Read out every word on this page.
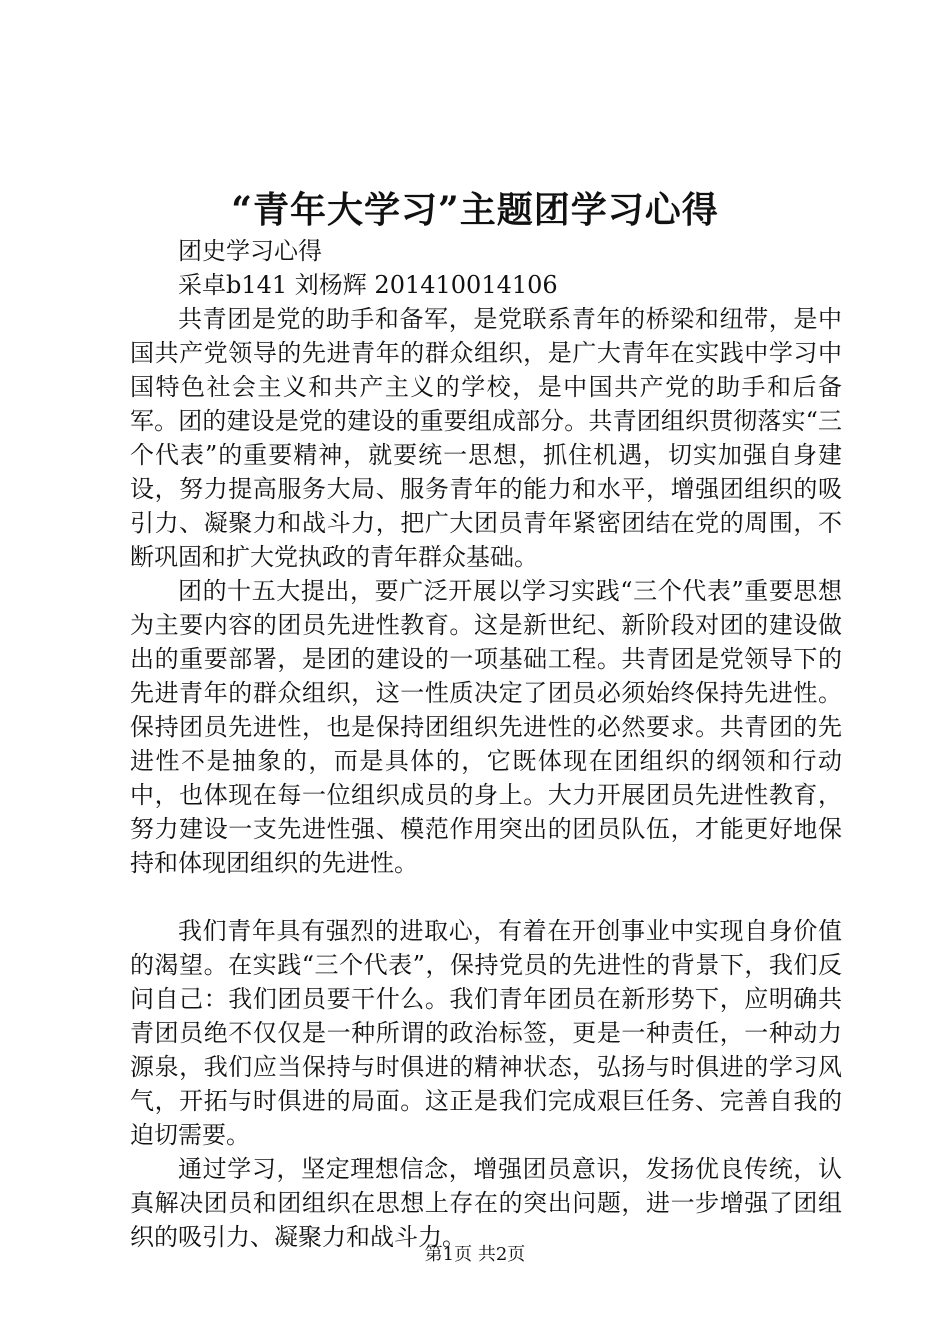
“青年大学习”主题团学习心得

团史学习心得

采卓b141 刘杨辉 201410014106

共青团是党的助手和备军，是党联系青年的桥梁和纽带，是中国共产党领导的先进青年的群众组织，是广大青年在实践中学习中国特色社会主义和共产主义的学校，是中国共产党的助手和后备军。团的建设是党的建设的重要组成部分。共青团组织贯彻落实“三个代表”的重要精神，就要统一思想，抓住机遇，切实加强自身建设，努力提高服务大局、服务青年的能力和水平，增强团组织的吸引力、凝聚力和战斗力，把广大团员青年紧密团结在党的周围，不断巩固和扩大党执政的青年群众基础。

团的十五大提出，要广泛开展以学习实践“三个代表”重要思想为主要内容的团员先进性教育。这是新世纪、新阶段对团的建设做出的重要部署，是团的建设的一项基础工程。共青团是党领导下的先进青年的群众组织，这一性质决定了团员必须始终保持先进性。保持团员先进性，也是保持团组织先进性的必然要求。共青团的先进性不是抽象的，而是具体的，它既体现在团组织的纲领和行动中，也体现在每一位组织成员的身上。大力开展团员先进性教育，努力建设一支先进性强、模范作用突出的团员队伍，才能更好地保持和体现团组织的先进性。

我们青年具有强烈的进取心，有着在开创事业中实现自身价值的渴望。在实践“三个代表”，保持党员的先进性的背景下，我们反问自己：我们团员要干什么。我们青年团员在新形势下，应明确共青团员绝不仅仅是一种所谓的政治标签，更是一种责任，一种动力源泉，我们应当保持与时俱进的精神状态，弘扬与时俱进的学习风气，开拓与时俱进的局面。这正是我们完成艰巨任务、完善自我的迫切需要。

通过学习，坚定理想信念，增强团员意识，发扬优良传统，认真解决团员和团组织在思想上存在的突出问题，进一步增强了团组织的吸引力、凝聚力和战斗力。

第1页 共2页
